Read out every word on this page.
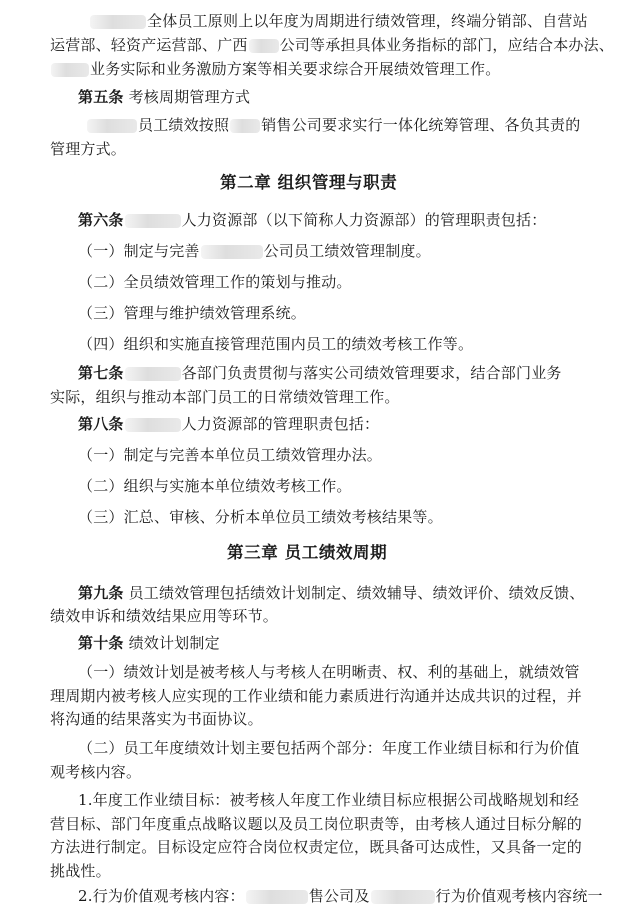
全体员工原则上以年度为周期进行绩效管理，终端分销部、自营站
运营部、轻资产运营部、广西 公司等承担具体业务指标的部门，应结合本办法、
业务实际和业务激励方案等相关要求综合开展绩效管理工作。
第五条 考核周期管理方式
员工绩效按照 销售公司要求实行一体化统筹管理、各负其责的
管理方式。
第二章 组织管理与职责
第六条	人力资源部（以下简称人力资源部）的管理职责包括：
（一）制定与完善	公司员工绩效管理制度。
（二）全员绩效管理工作的策划与推动。
（三）管理与维护绩效管理系统。
（四）组织和实施直接管理范围内员工的绩效考核工作等。
第七条	各部门负责贯彻与落实公司绩效管理要求，结合部门业务
实际，组织与推动本部门员工的日常绩效管理工作。
第八条	人力资源部的管理职责包括：
（一）制定与完善本单位员工绩效管理办法。
（二）组织与实施本单位绩效考核工作。
（三）汇总、审核、分析本单位员工绩效考核结果等。
第三章 员工绩效周期
第九条 员工绩效管理包括绩效计划制定、绩效辅导、绩效评价、绩效反馈、
绩效申诉和绩效结果应用等环节。
第十条 绩效计划制定
（一）绩效计划是被考核人与考核人在明晰责、权、利的基础上，就绩效管
理周期内被考核人应实现的工作业绩和能力素质进行沟通并达成共识的过程，并
将沟通的结果落实为书面协议。
（二）员工年度绩效计划主要包括两个部分：年度工作业绩目标和行为价值
观考核内容。
1.年度工作业绩目标：被考核人年度工作业绩目标应根据公司战略规划和经
营目标、部门年度重点战略议题以及员工岗位职责等，由考核人通过目标分解的
方法进行制定。目标设定应符合岗位权责定位，既具备可达成性，又具备一定的
挑战性。
2.行为价值观考核内容：	售公司及	行为价值观考核内容统一
